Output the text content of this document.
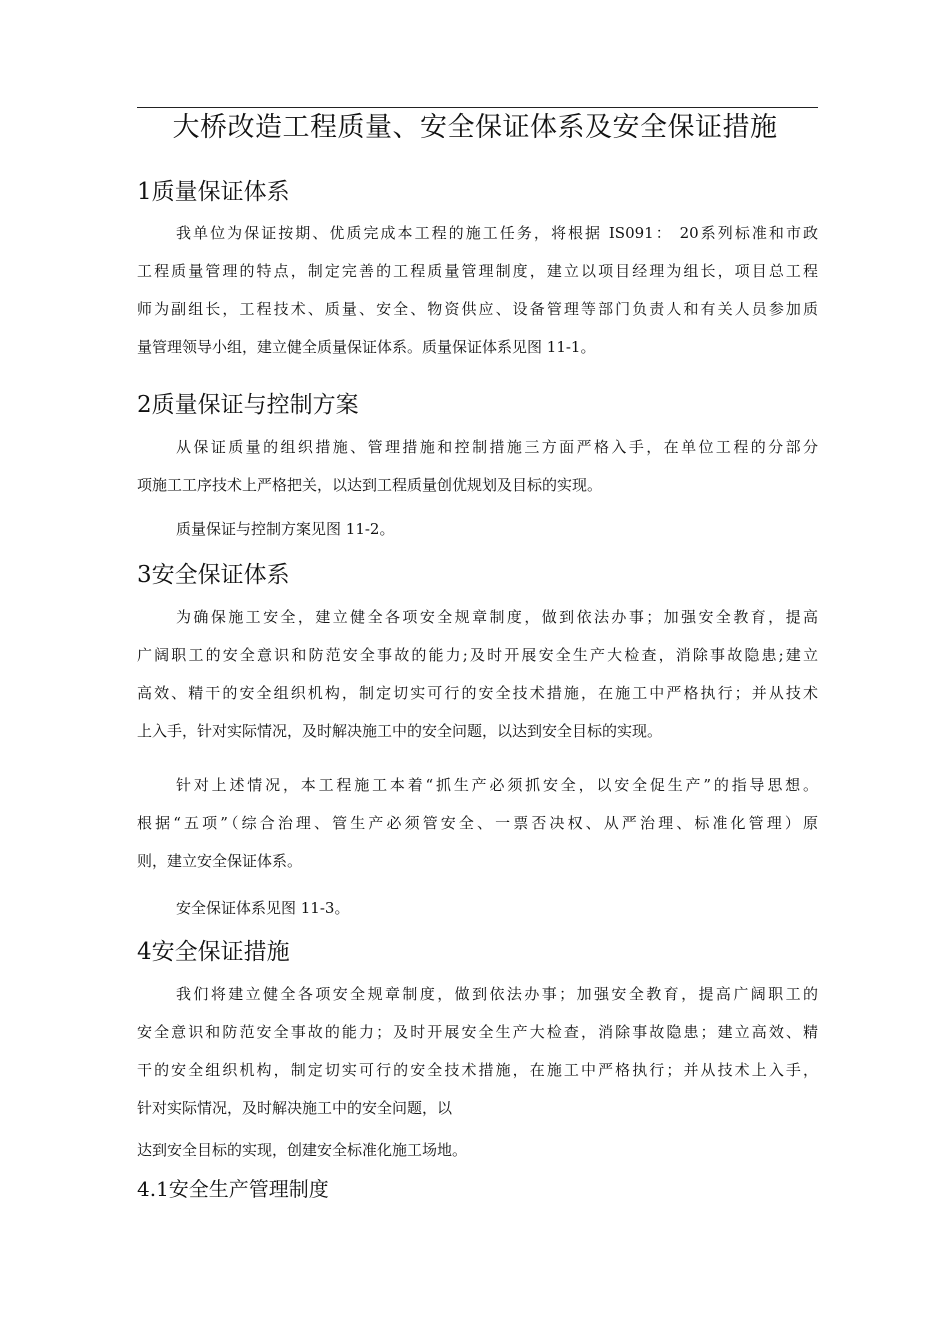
大桥改造工程质量、安全保证体系及安全保证措施
1质量保证体系
我单位为保证按期、优质完成本工程的施工任务，将根据 IS091： 20系列标准和市政
工程质量管理的特点，制定完善的工程质量管理制度，建立以项目经理为组长，项目总工程
师为副组长，工程技术、质量、安全、物资供应、设备管理等部门负责人和有关人员参加质
量管理领导小组，建立健全质量保证体系。质量保证体系见图 11-1。
2质量保证与控制方案
从保证质量的组织措施、管理措施和控制措施三方面严格入手，在单位工程的分部分
项施工工序技术上严格把关，以达到工程质量创优规划及目标的实现。
质量保证与控制方案见图 11-2。
3安全保证体系
为确保施工安全，建立健全各项安全规章制度，做到依法办事；加强安全教育，提高
广阔职工的安全意识和防范安全事故的能力;及时开展安全生产大检查，消除事故隐患;建立
高效、精干的安全组织机构，制定切实可行的安全技术措施，在施工中严格执行；并从技术
上入手，针对实际情况，及时解决施工中的安全问题，以达到安全目标的实现。
针对上述情况，本工程施工本着“抓生产必须抓安全，以安全促生产”的指导思想。
根据“五项”（综合治理、管生产必须管安全、一票否决权、从严治理、标准化管理）原
则，建立安全保证体系。
安全保证体系见图 11-3。
4安全保证措施
我们将建立健全各项安全规章制度，做到依法办事；加强安全教育，提高广阔职工的
安全意识和防范安全事故的能力；及时开展安全生产大检查，消除事故隐患；建立高效、精
干的安全组织机构，制定切实可行的安全技术措施，在施工中严格执行；并从技术上入手，
针对实际情况，及时解决施工中的安全问题，以
达到安全目标的实现，创建安全标准化施工场地。
4.1安全生产管理制度
